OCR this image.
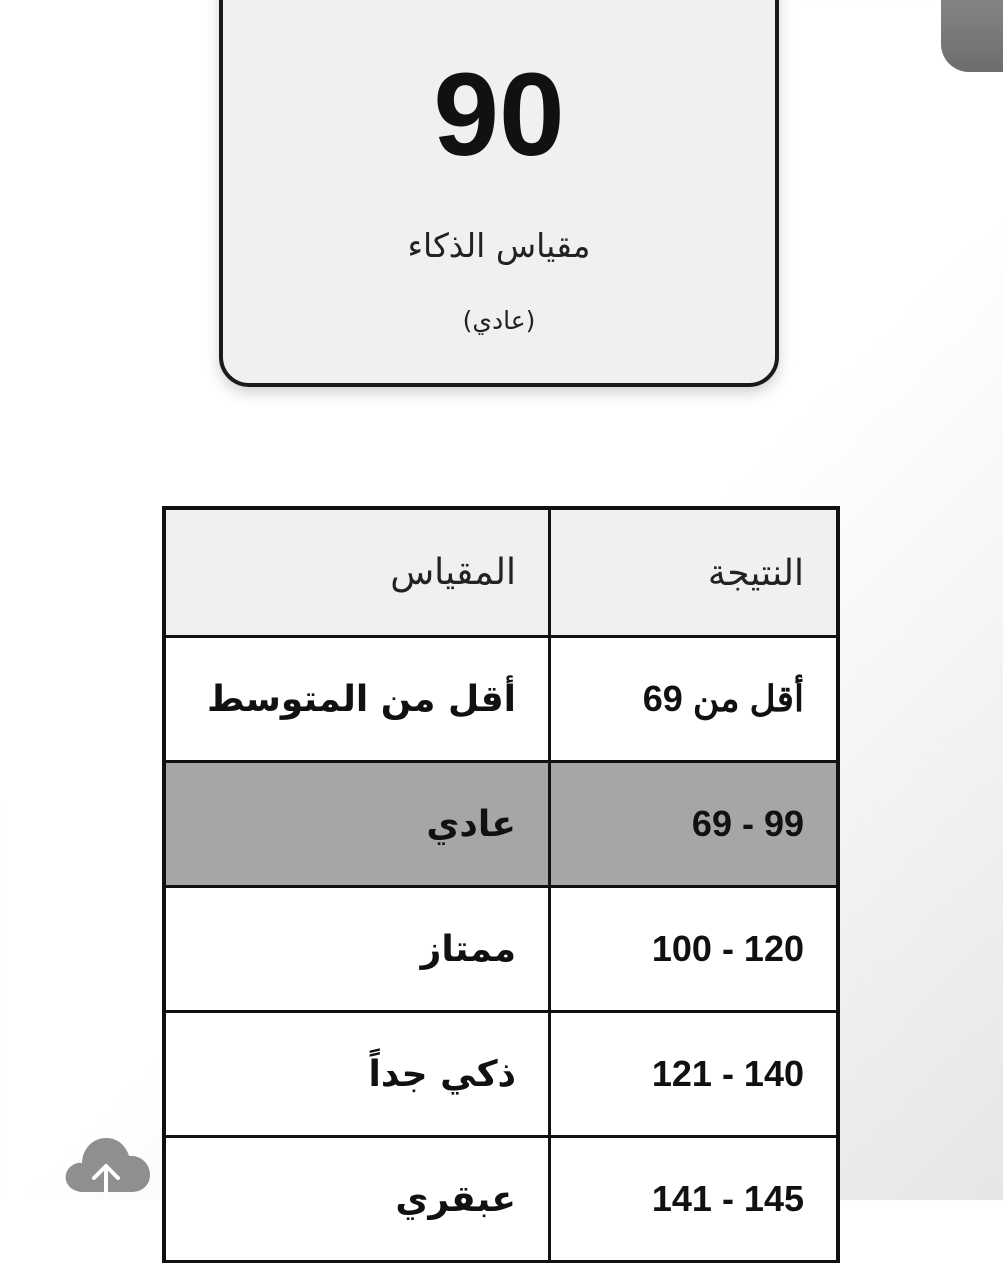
90
مقياس الذكاء
(عادي)
النتيجة
المقياس
أقل من 69
أقل من المتوسط
69 - 99
عادي
100 - 120
ممتاز
121 - 140
ذكي جداً
141 - 145
عبقري
